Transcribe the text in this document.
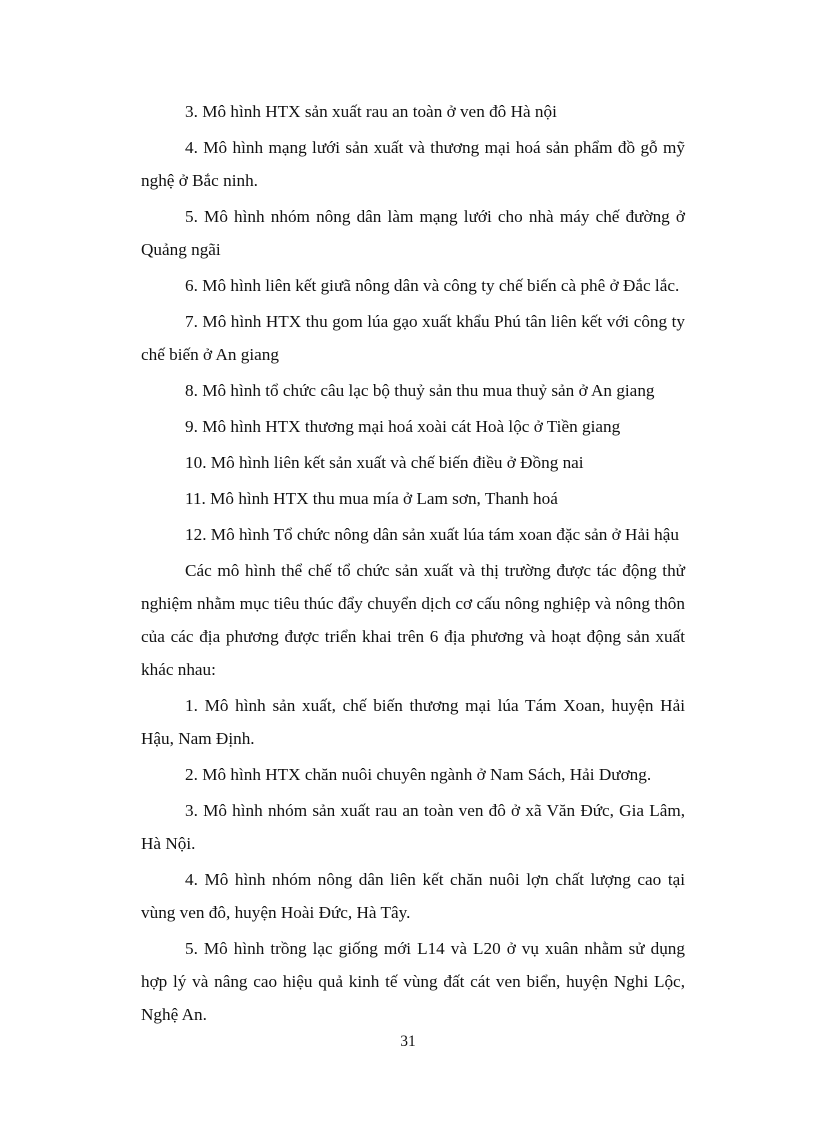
3. Mô hình HTX sản xuất rau an toàn ở ven đô Hà nội

4. Mô hình mạng lưới sản xuất và thương mại hoá sản phẩm đồ gỗ mỹ nghệ ở Bắc ninh.

5. Mô hình nhóm nông dân làm mạng lưới cho nhà máy chế đường ở Quảng ngãi

6. Mô hình liên kết giưã nông dân và công ty chế biến cà phê ở Đắc lắc.

7. Mô hình HTX thu gom lúa gạo xuất khẩu Phú tân liên kết với công ty chế biến ở An giang

8. Mô hình tổ chức câu lạc bộ thuỷ sản thu mua thuỷ sản ở An giang

9. Mô hình HTX thương mại hoá xoài cát Hoà lộc ở Tiền giang

10. Mô hình liên kết sản xuất và chế biến điều ở Đồng nai

11. Mô hình HTX thu mua mía ở Lam sơn, Thanh hoá

12. Mô hình Tổ chức nông dân sản xuất lúa tám xoan đặc sản ở Hải hậu

Các mô hình thể chế tổ chức sản xuất và thị trường được tác động thử nghiệm nhằm mục tiêu thúc đẩy chuyển dịch cơ cấu nông nghiệp và nông thôn của các địa phương được triển khai trên 6 địa phương và hoạt động sản xuất khác nhau:

1. Mô hình sản xuất, chế biến thương mại lúa Tám Xoan, huyện Hải Hậu, Nam Định.

2. Mô hình HTX chăn nuôi chuyên ngành ở Nam Sách, Hải Dương.

3. Mô hình nhóm sản xuất rau an toàn ven đô ở xã Văn Đức, Gia Lâm, Hà Nội.

4. Mô hình nhóm nông dân liên kết chăn nuôi lợn chất lượng cao tại vùng ven đô, huyện Hoài Đức, Hà Tây.

5. Mô hình trồng lạc giống mới L14 và L20 ở vụ xuân nhằm sử dụng hợp lý và nâng cao hiệu quả kinh tế vùng đất cát ven biển, huyện Nghi Lộc, Nghệ An.

31
